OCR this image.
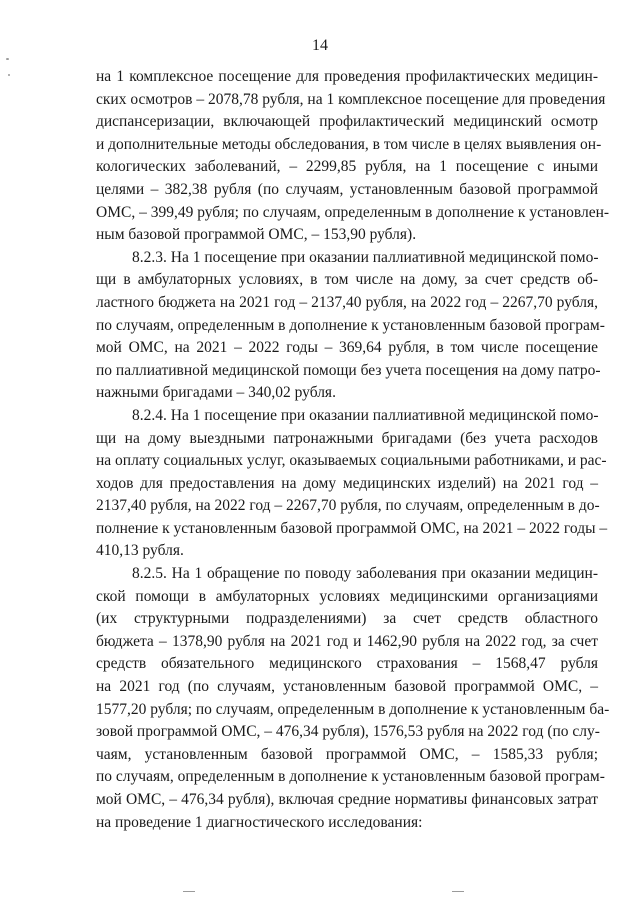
14
на 1 комплексное посещение для проведения профилактических медицин-
ских осмотров – 2078,78 рубля, на 1 комплексное посещение для проведения
диспансеризации, включающей профилактический медицинский осмотр
и дополнительные методы обследования, в том числе в целях выявления он-
кологических заболеваний, – 2299,85 рубля, на 1 посещение с иными
целями – 382,38 рубля (по случаям, установленным базовой программой
ОМС, – 399,49 рубля; по случаям, определенным в дополнение к установлен-
ным базовой программой ОМС, – 153,90 рубля).
8.2.3. На 1 посещение при оказании паллиативной медицинской помо-
щи в амбулаторных условиях, в том числе на дому, за счет средств об-
ластного бюджета на 2021 год – 2137,40 рубля, на 2022 год – 2267,70 рубля,
по случаям, определенным в дополнение к установленным базовой програм-
мой ОМС, на 2021 – 2022 годы – 369,64 рубля, в том числе посещение
по паллиативной медицинской помощи без учета посещения на дому патро-
нажными бригадами – 340,02 рубля.
8.2.4. На 1 посещение при оказании паллиативной медицинской помо-
щи на дому выездными патронажными бригадами (без учета расходов
на оплату социальных услуг, оказываемых социальными работниками, и рас-
ходов для предоставления на дому медицинских изделий) на 2021 год –
2137,40 рубля, на 2022 год – 2267,70 рубля, по случаям, определенным в до-
полнение к установленным базовой программой ОМС, на 2021 – 2022 годы –
410,13 рубля.
8.2.5. На 1 обращение по поводу заболевания при оказании медицин-
ской помощи в амбулаторных условиях медицинскими организациями
(их структурными подразделениями) за счет средств областного
бюджета – 1378,90 рубля на 2021 год и 1462,90 рубля на 2022 год, за счет
средств обязательного медицинского страхования – 1568,47 рубля
на 2021 год (по случаям, установленным базовой программой ОМС, –
1577,20 рубля; по случаям, определенным в дополнение к установленным ба-
зовой программой ОМС, – 476,34 рубля), 1576,53 рубля на 2022 год (по слу-
чаям, установленным базовой программой ОМС, – 1585,33 рубля;
по случаям, определенным в дополнение к установленным базовой програм-
мой ОМС, – 476,34 рубля), включая средние нормативы финансовых затрат
на проведение 1 диагностического исследования:
